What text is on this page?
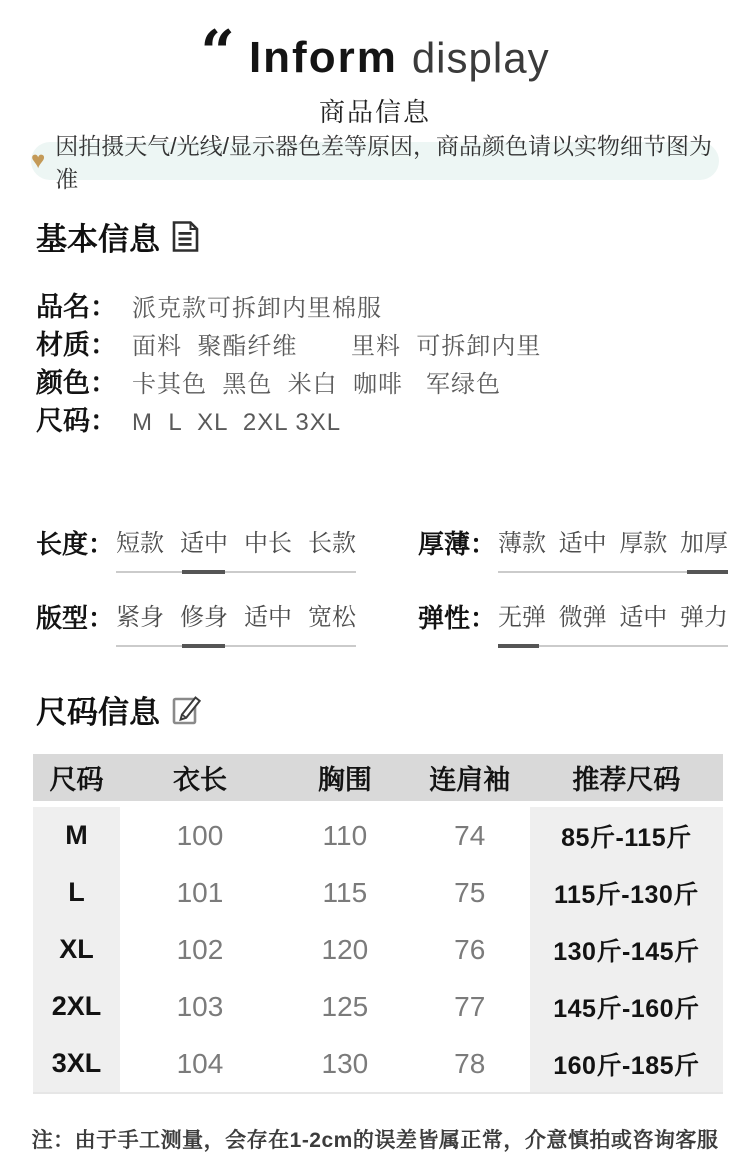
“ Inform display
商品信息
♥
因拍摄天气/光线/显示器色差等原因，商品颜色请以实物细节图为准
基本信息
品名： 派克款可拆卸内里棉服
材质： 面料  聚酯纤维       里料  可拆卸内里
颜色： 卡其色  黑色  米白  咖啡   军绿色
尺码： M  L  XL  2XL 3XL
长度： 短款 适中 中长 长款 厚薄： 薄款 适中 厚款 加厚
版型： 紧身 修身 适中 宽松 弹性： 无弹 微弹 适中 弹力
尺码信息
尺码	衣长	胸围	连肩袖	推荐尺码
M	100	110	74	85斤-115斤
L	101	115	75	115斤-130斤
XL	102	120	76	130斤-145斤
2XL	103	125	77	145斤-160斤
3XL	104	130	78	160斤-185斤
注：由于手工测量，会存在1-2cm的误差皆属正常，介意慎拍或咨询客服
